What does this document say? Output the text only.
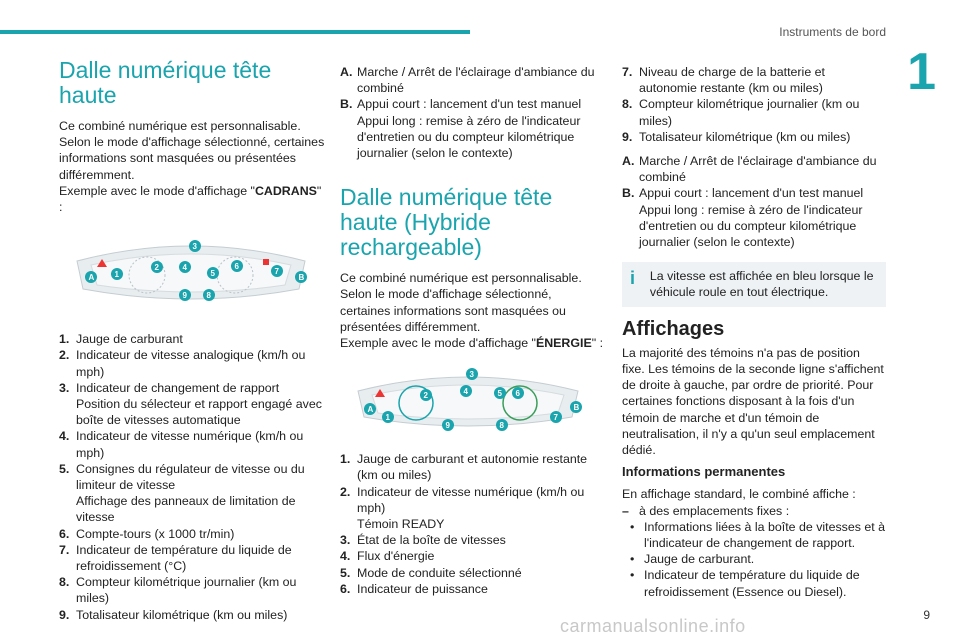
Instruments de bord
1
Dalle numérique tête haute

Ce combiné numérique est personnalisable. Selon le mode d'affichage sélectionné, certaines informations sont masquées ou présentées différemment.

Exemple avec le mode d'affichage "CADRANS" :

A	1
2
3
4
5
6
7
B
9 8
1. Jauge de carburant
2. Indicateur de vitesse analogique (km/h ou mph)
3. Indicateur de changement de rapport
Position du sélecteur et rapport engagé avec boîte de vitesses automatique
4. Indicateur de vitesse numérique (km/h ou mph)
5. Consignes du régulateur de vitesse ou du limiteur de vitesse
Affichage des panneaux de limitation de vitesse
6. Compte-tours (x 1000 tr/min)
7. Indicateur de température du liquide de refroidissement (°C)
8. Compteur kilométrique journalier (km ou miles)
9. Totalisateur kilométrique (km ou miles)
A. Marche / Arrêt de l'éclairage d'ambiance du combiné
B. Appui court : lancement d'un test manuel
Appui long : remise à zéro de l'indicateur d'entretien ou du compteur kilométrique journalier (selon le contexte)
Dalle numérique tête haute (Hybride rechargeable)

Ce combiné numérique est personnalisable. Selon le mode d'affichage sélectionné, certaines informations sont masquées ou présentées différemment.

Exemple avec le mode d'affichage "ÉNERGIE" :

A
1
2
3
4	5 6
7
B
9	8
1. Jauge de carburant et autonomie restante (km ou miles)
2. Indicateur de vitesse numérique (km/h ou mph)
Témoin READY
3. État de la boîte de vitesses
4. Flux d'énergie
5. Mode de conduite sélectionné
6. Indicateur de puissance
7. Niveau de charge de la batterie et autonomie restante (km ou miles)
8. Compteur kilométrique journalier (km ou miles)
9. Totalisateur kilométrique (km ou miles)
A. Marche / Arrêt de l'éclairage d'ambiance du combiné
B. Appui court : lancement d'un test manuel
Appui long : remise à zéro de l'indicateur d'entretien ou du compteur kilométrique journalier (selon le contexte)
i La vitesse est affichée en bleu lorsque le véhicule roule en tout électrique.
Affichages

La majorité des témoins n'a pas de position fixe. Les témoins de la seconde ligne s'affichent de droite à gauche, par ordre de priorité. Pour certaines fonctions disposant à la fois d'un témoin de marche et d'un témoin de neutralisation, il n'y a qu'un seul emplacement dédié.

Informations permanentes

En affichage standard, le combiné affiche :

– à des emplacements fixes :
• Informations liées à la boîte de vitesses et à l'indicateur de changement de rapport.
• Jauge de carburant.
• Indicateur de température du liquide de refroidissement (Essence ou Diesel).
9
carmanualsonline.info
